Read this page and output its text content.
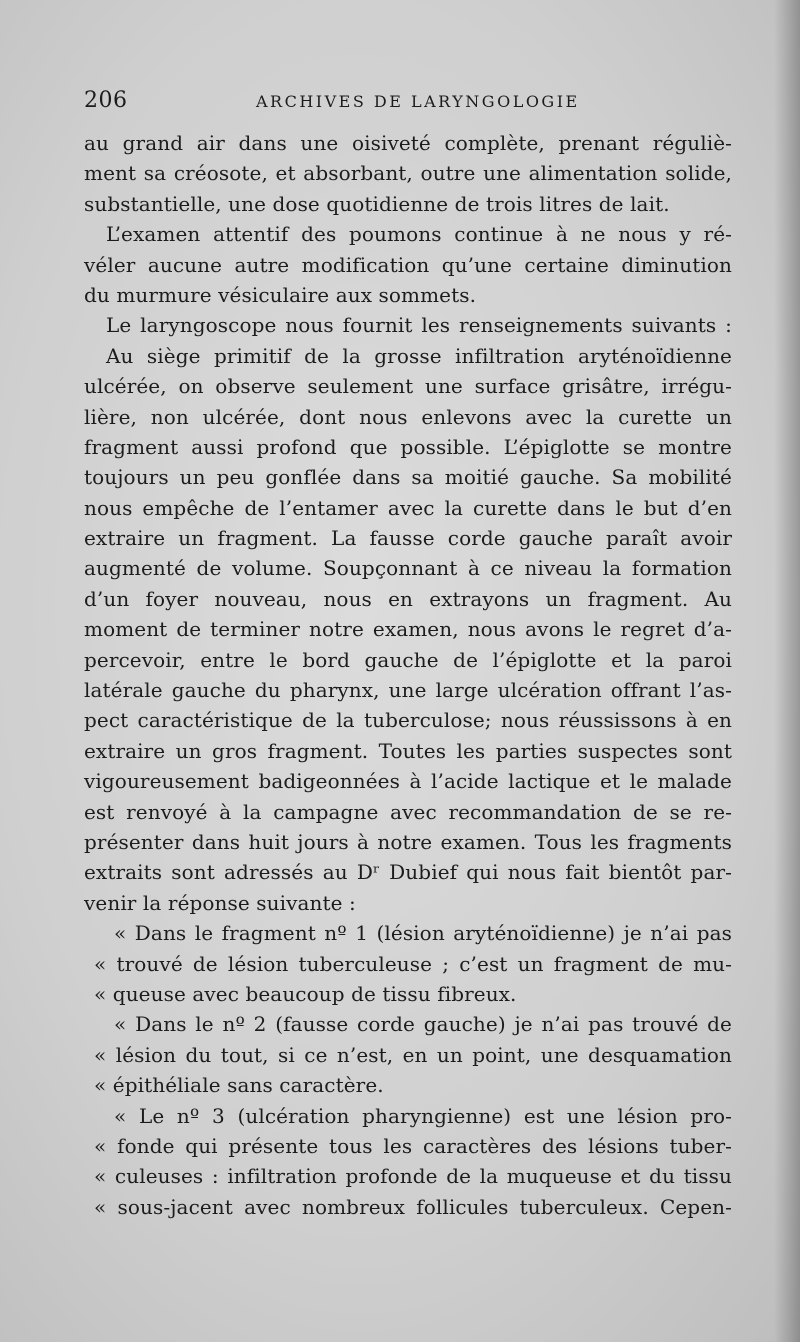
206	ARCHIVES DE LARYNGOLOGIE
au grand air dans une oisiveté complète, prenant réguliè-
ment sa créosote, et absorbant, outre une alimentation solide,
substantielle, une dose quotidienne de trois litres de lait.
L’examen attentif des poumons continue à ne nous y ré-
véler aucune autre modification qu’une certaine diminution
du murmure vésiculaire aux sommets.
Le laryngoscope nous fournit les renseignements suivants :
Au siège primitif de la grosse infiltration aryténoïdienne
ulcérée, on observe seulement une surface grisâtre, irrégu-
lière, non ulcérée, dont nous enlevons avec la curette un
fragment aussi profond que possible. L’épiglotte se montre
toujours un peu gonflée dans sa moitié gauche. Sa mobilité
nous empêche de l’entamer avec la curette dans le but d’en
extraire un fragment. La fausse corde gauche paraît avoir
augmenté de volume. Soupçonnant à ce niveau la formation
d’un foyer nouveau, nous en extrayons un fragment. Au
moment de terminer notre examen, nous avons le regret d’a-
percevoir, entre le bord gauche de l’épiglotte et la paroi
latérale gauche du pharynx, une large ulcération offrant l’as-
pect caractéristique de la tuberculose; nous réussissons à en
extraire un gros fragment. Toutes les parties suspectes sont
vigoureusement badigeonnées à l’acide lactique et le malade
est renvoyé à la campagne avec recommandation de se re-
présenter dans huit jours à notre examen. Tous les fragments
extraits sont adressés au Dʳ Dubief qui nous fait bientôt par-
venir la réponse suivante :
« Dans le fragment nº 1 (lésion aryténoïdienne) je n’ai pas
« trouvé de lésion tuberculeuse ; c’est un fragment de mu-
« queuse avec beaucoup de tissu fibreux.
« Dans le nº 2 (fausse corde gauche) je n’ai pas trouvé de
« lésion du tout, si ce n’est, en un point, une desquamation
« épithéliale sans caractère.
« Le nº 3 (ulcération pharyngienne) est une lésion pro-
« fonde qui présente tous les caractères des lésions tuber-
« culeuses : infiltration profonde de la muqueuse et du tissu
« sous-jacent avec nombreux follicules tuberculeux. Cepen-
